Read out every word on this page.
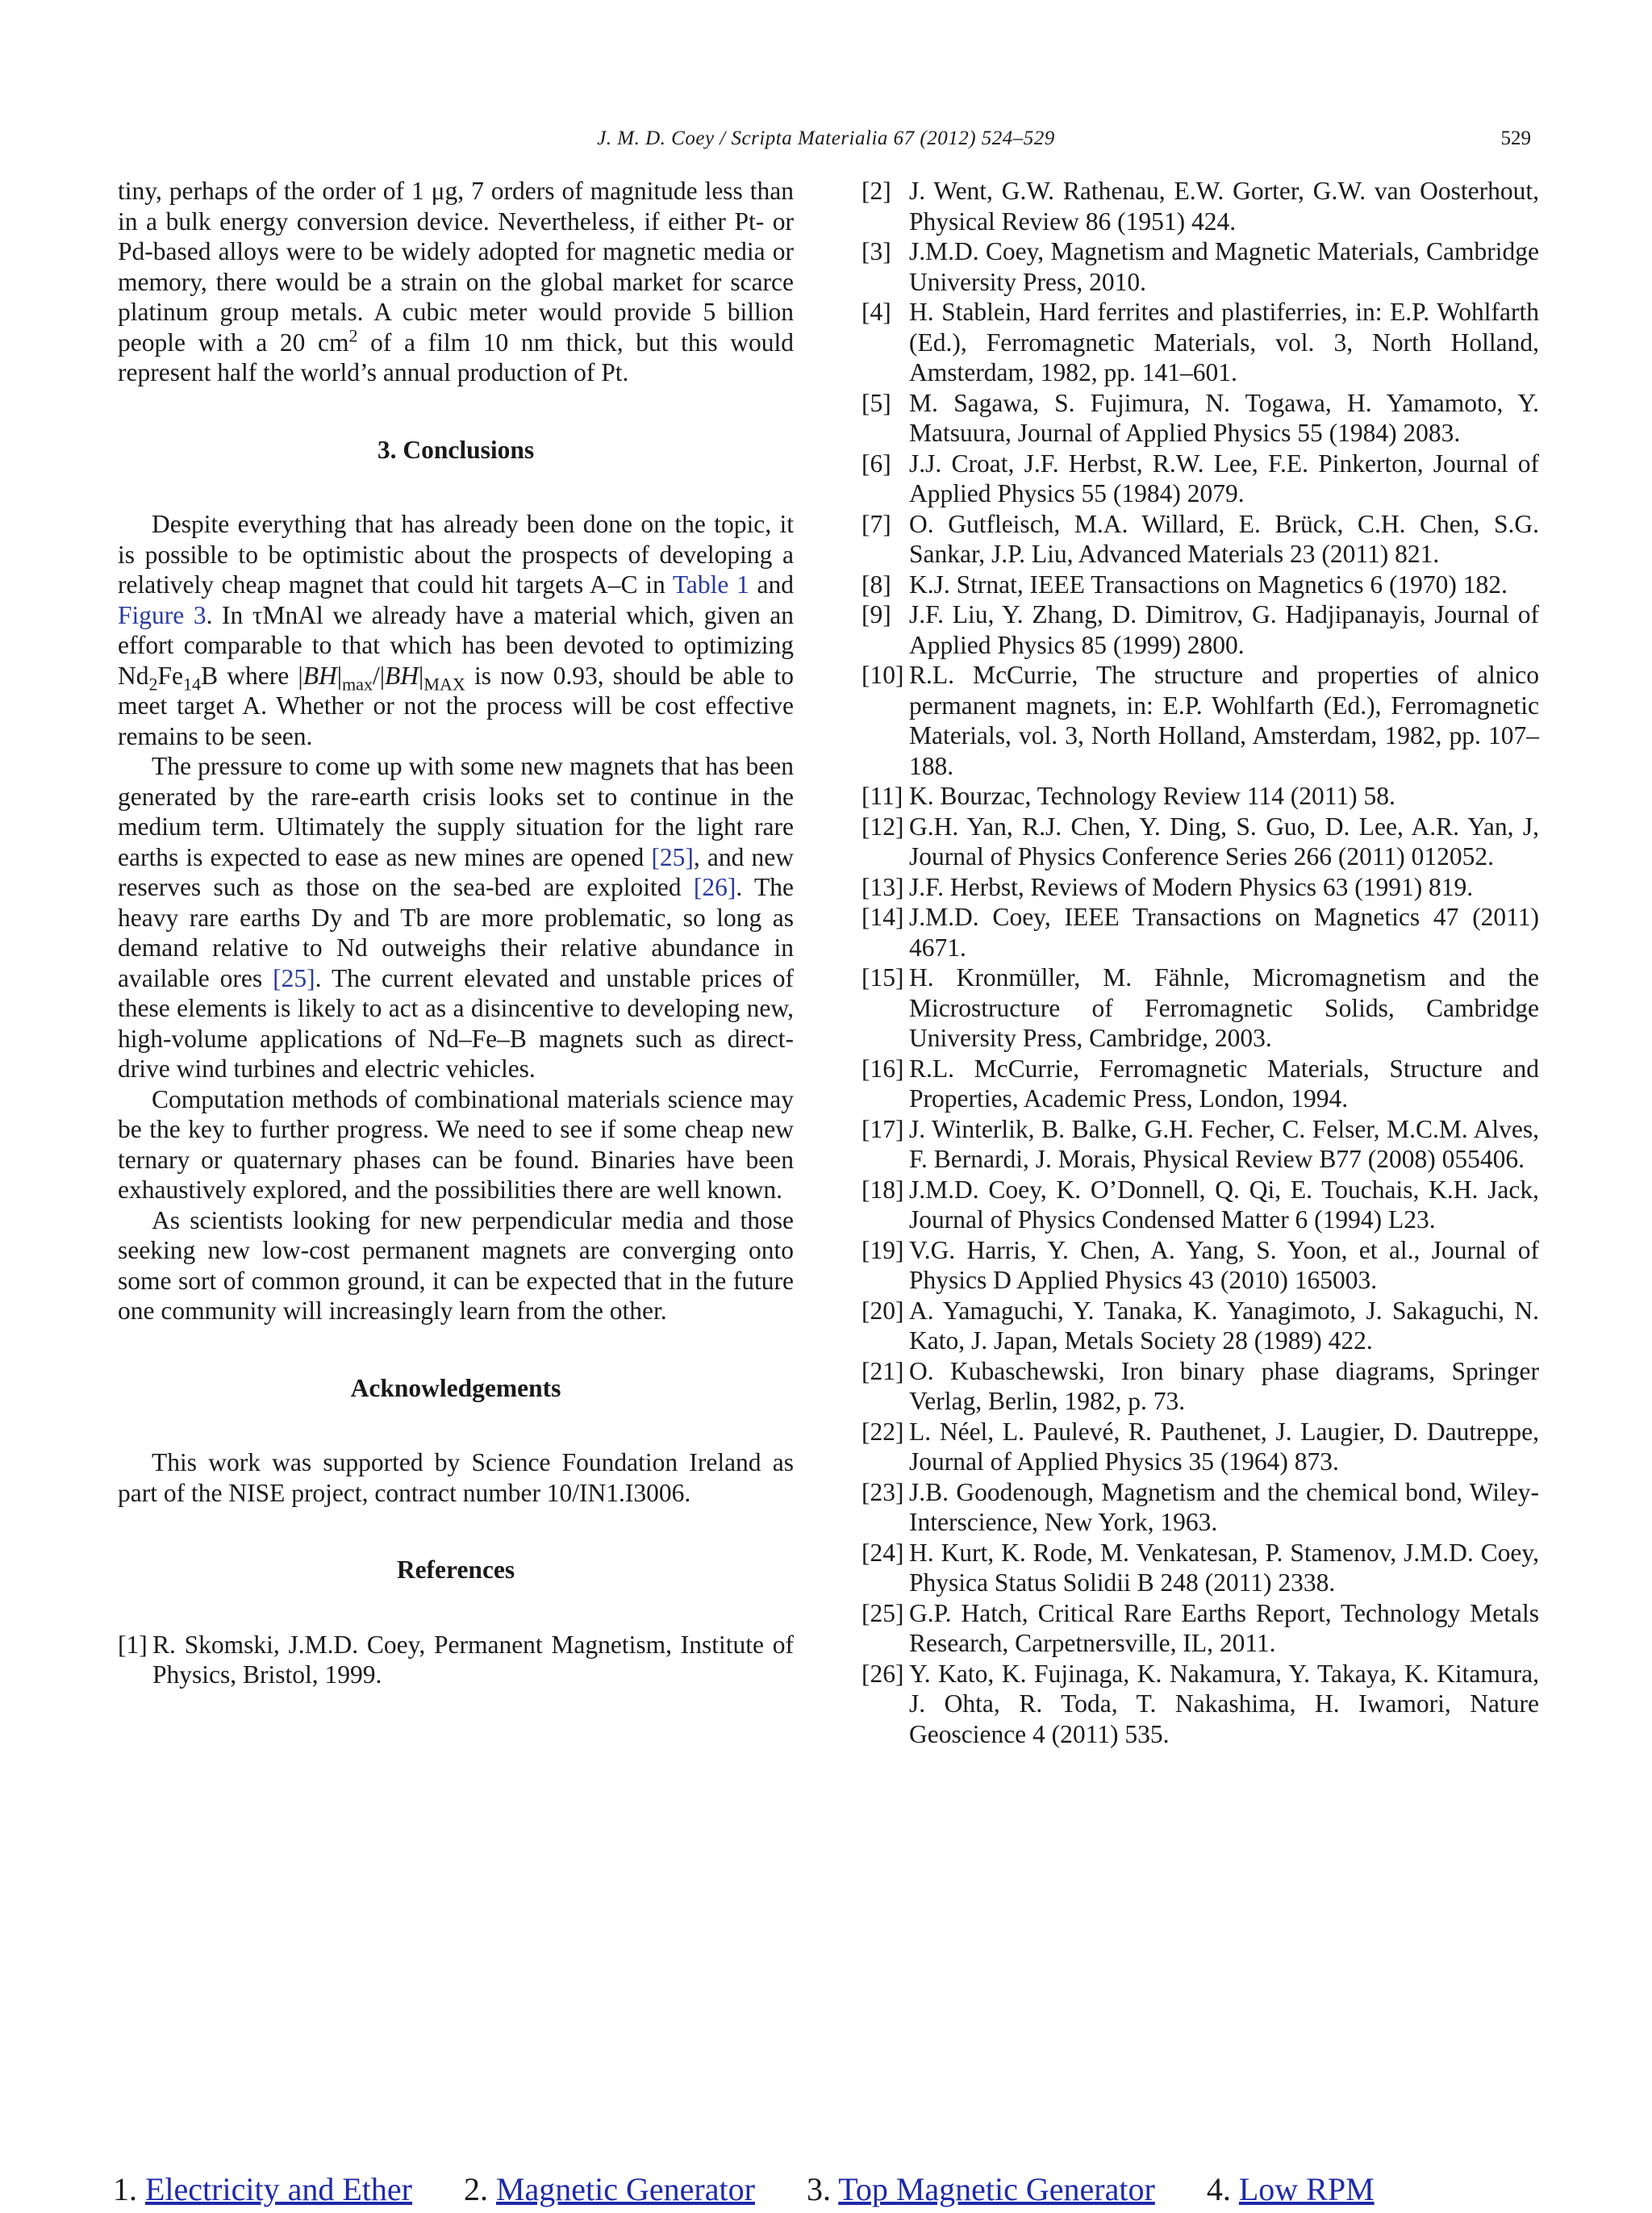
J. M. D. Coey / Scripta Materialia 67 (2012) 524–529	529

tiny, perhaps of the order of 1 μg, 7 orders of magnitude less than in a bulk energy conversion device. Nevertheless, if either Pt- or Pd-based alloys were to be widely adopted for magnetic media or memory, there would be a strain on the global market for scarce platinum group metals. A cubic meter would provide 5 billion people with a 20 $cm^2$ of a film 10 nm thick, but this would represent half the world’s annual production of Pt.

3. Conclusions

Despite everything that has already been done on the topic, it is possible to be optimistic about the prospects of developing a relatively cheap magnet that could hit targets A–C in Table 1 and Figure 3. In τMnAl we already have a material which, given an effort comparable to that which has been devoted to optimizing $Nd_2Fe_{14}B$ where $|BH|_{max}/|BH|_{MAX}$ is now 0.93, should be able to meet target A. Whether or not the process will be cost effective remains to be seen.

The pressure to come up with some new magnets that has been generated by the rare-earth crisis looks set to continue in the medium term. Ultimately the supply situation for the light rare earths is expected to ease as new mines are opened [25], and new reserves such as those on the sea-bed are exploited [26]. The heavy rare earths Dy and Tb are more problematic, so long as demand relative to Nd outweighs their relative abundance in available ores [25]. The current elevated and unstable prices of these elements is likely to act as a disincentive to developing new, high-volume applications of Nd–Fe–B magnets such as direct-drive wind turbines and electric vehicles.

Computation methods of combinational materials science may be the key to further progress. We need to see if some cheap new ternary or quaternary phases can be found. Binaries have been exhaustively explored, and the possibilities there are well known.

As scientists looking for new perpendicular media and those seeking new low-cost permanent magnets are converging onto some sort of common ground, it can be expected that in the future one community will increasingly learn from the other.

Acknowledgements

This work was supported by Science Foundation Ireland as part of the NISE project, contract number 10/IN1.I3006.

References
[1] R. Skomski, J.M.D. Coey, Permanent Magnetism, Institute of Physics, Bristol, 1999.
[2] J. Went, G.W. Rathenau, E.W. Gorter, G.W. van Oosterhout, Physical Review 86 (1951) 424.
[3] J.M.D. Coey, Magnetism and Magnetic Materials, Cambridge University Press, 2010.
[4] H. Stablein, Hard ferrites and plastiferries, in: E.P. Wohlfarth (Ed.), Ferromagnetic Materials, vol. 3, North Holland, Amsterdam, 1982, pp. 141–601.
[5] M. Sagawa, S. Fujimura, N. Togawa, H. Yamamoto, Y. Matsuura, Journal of Applied Physics 55 (1984) 2083.
[6] J.J. Croat, J.F. Herbst, R.W. Lee, F.E. Pinkerton, Journal of Applied Physics 55 (1984) 2079.
[7] O. Gutfleisch, M.A. Willard, E. Brück, C.H. Chen, S.G. Sankar, J.P. Liu, Advanced Materials 23 (2011) 821.
[8] K.J. Strnat, IEEE Transactions on Magnetics 6 (1970) 182.
[9] J.F. Liu, Y. Zhang, D. Dimitrov, G. Hadjipanayis, Journal of Applied Physics 85 (1999) 2800.
[10] R.L. McCurrie, The structure and properties of alnico permanent magnets, in: E.P. Wohlfarth (Ed.), Ferromagnetic Materials, vol. 3, North Holland, Amsterdam, 1982, pp. 107–188.
[11] K. Bourzac, Technology Review 114 (2011) 58.
[12] G.H. Yan, R.J. Chen, Y. Ding, S. Guo, D. Lee, A.R. Yan, J, Journal of Physics Conference Series 266 (2011) 012052.
[13] J.F. Herbst, Reviews of Modern Physics 63 (1991) 819.
[14] J.M.D. Coey, IEEE Transactions on Magnetics 47 (2011) 4671.
[15] H. Kronmüller, M. Fähnle, Micromagnetism and the Microstructure of Ferromagnetic Solids, Cambridge University Press, Cambridge, 2003.
[16] R.L. McCurrie, Ferromagnetic Materials, Structure and Properties, Academic Press, London, 1994.
[17] J. Winterlik, B. Balke, G.H. Fecher, C. Felser, M.C.M. Alves, F. Bernardi, J. Morais, Physical Review B77 (2008) 055406.
[18] J.M.D. Coey, K. O’Donnell, Q. Qi, E. Touchais, K.H. Jack, Journal of Physics Condensed Matter 6 (1994) L23.
[19] V.G. Harris, Y. Chen, A. Yang, S. Yoon, et al., Journal of Physics D Applied Physics 43 (2010) 165003.
[20] A. Yamaguchi, Y. Tanaka, K. Yanagimoto, J. Sakaguchi, N. Kato, J. Japan, Metals Society 28 (1989) 422.
[21] O. Kubaschewski, Iron binary phase diagrams, Springer Verlag, Berlin, 1982, p. 73.
[22] L. Néel, L. Paulevé, R. Pauthenet, J. Laugier, D. Dautreppe, Journal of Applied Physics 35 (1964) 873.
[23] J.B. Goodenough, Magnetism and the chemical bond, Wiley-Interscience, New York, 1963.
[24] H. Kurt, K. Rode, M. Venkatesan, P. Stamenov, J.M.D. Coey, Physica Status Solidii B 248 (2011) 2338.
[25] G.P. Hatch, Critical Rare Earths Report, Technology Metals Research, Carpetnersville, IL, 2011.
[26] Y. Kato, K. Fujinaga, K. Nakamura, Y. Takaya, K. Kitamura, J. Ohta, R. Toda, T. Nakashima, H. Iwamori, Nature Geoscience 4 (2011) 535.
1. Electricity and Ether 2. Magnetic Generator 3. Top Magnetic Generator 4. Low RPM
